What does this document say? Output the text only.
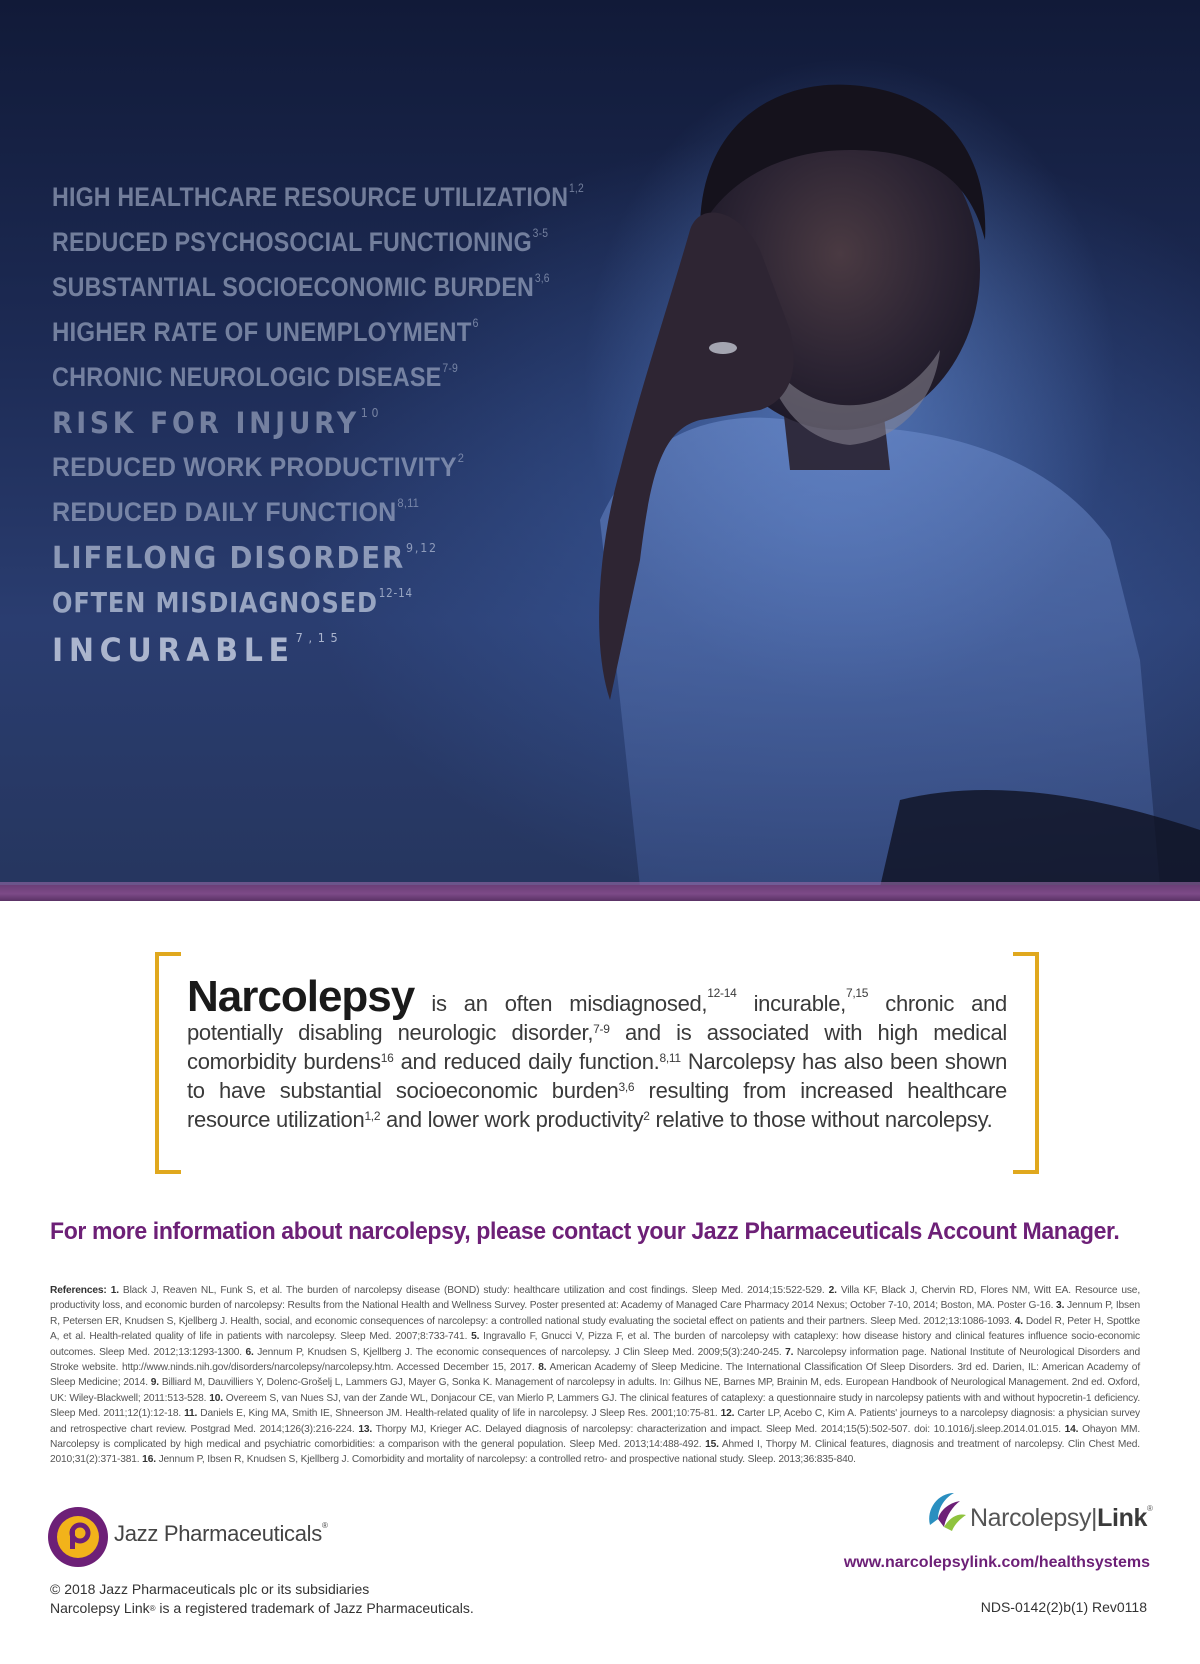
HIGH HEALTHCARE RESOURCE UTILIZATION$^{1,2}$
REDUCED PSYCHOSOCIAL FUNCTIONING$^{3-5}$
SUBSTANTIAL SOCIOECONOMIC BURDEN$^{3,6}$
HIGHER RATE OF UNEMPLOYMENT$^6$
CHRONIC NEUROLOGIC DISEASE$^{7-9}$
RISK FOR INJURY$^{10}$
REDUCED WORK PRODUCTIVITY$^2$
REDUCED DAILY FUNCTION$^{8,11}$
LIFELONG DISORDER$^{9,12}$
OFTEN MISDIAGNOSED$^{12-14}$
INCURABLE$^{7,15}$

Narcolepsy is an often misdiagnosed,$^{12-14}$ incurable,$^{7,15}$ chronic and potentially disabling neurologic disorder,$^{7-9}$ and is associated with high medical comorbidity burdens$^{16}$ and reduced daily function.$^{8,11}$ Narcolepsy has also been shown to have substantial socioeconomic burden$^{3,6}$ resulting from increased healthcare resource utilization$^{1,2}$ and lower work productivity$^2$ relative to those without narcolepsy.

For more information about narcolepsy, please contact your Jazz Pharmaceuticals Account Manager.

References: 1. Black J, Reaven NL, Funk S, et al. The burden of narcolepsy disease (BOND) study: healthcare utilization and cost findings. Sleep Med. 2014;15:522-529. 2. Villa KF, Black J, Chervin RD, Flores NM, Witt EA. Resource use, productivity loss, and economic burden of narcolepsy: Results from the National Health and Wellness Survey. Poster presented at: Academy of Managed Care Pharmacy 2014 Nexus; October 7-10, 2014; Boston, MA. Poster G-16. 3. Jennum P, Ibsen R, Petersen ER, Knudsen S, Kjellberg J. Health, social, and economic consequences of narcolepsy: a controlled national study evaluating the societal effect on patients and their partners. Sleep Med. 2012;13:1086-1093. 4. Dodel R, Peter H, Spottke A, et al. Health-related quality of life in patients with narcolepsy. Sleep Med. 2007;8:733-741. 5. Ingravallo F, Gnucci V, Pizza F, et al. The burden of narcolepsy with cataplexy: how disease history and clinical features influence socio-economic outcomes. Sleep Med. 2012;13:1293-1300. 6. Jennum P, Knudsen S, Kjellberg J. The economic consequences of narcolepsy. J Clin Sleep Med. 2009;5(3):240-245. 7. Narcolepsy information page. National Institute of Neurological Disorders and Stroke website. http://www.ninds.nih.gov/disorders/narcolepsy/narcolepsy.htm. Accessed December 15, 2017. 8. American Academy of Sleep Medicine. The International Classification Of Sleep Disorders. 3rd ed. Darien, IL: American Academy of Sleep Medicine; 2014. 9. Billiard M, Dauvilliers Y, Dolenc-Grošelj L, Lammers GJ, Mayer G, Sonka K. Management of narcolepsy in adults. In: Gilhus NE, Barnes MP, Brainin M, eds. European Handbook of Neurological Management. 2nd ed. Oxford, UK: Wiley-Blackwell; 2011:513-528. 10. Overeem S, van Nues SJ, van der Zande WL, Donjacour CE, van Mierlo P, Lammers GJ. The clinical features of cataplexy: a questionnaire study in narcolepsy patients with and without hypocretin-1 deficiency. Sleep Med. 2011;12(1):12-18. 11. Daniels E, King MA, Smith IE, Shneerson JM. Health-related quality of life in narcolepsy. J Sleep Res. 2001;10:75-81. 12. Carter LP, Acebo C, Kim A. Patients' journeys to a narcolepsy diagnosis: a physician survey and retrospective chart review. Postgrad Med. 2014;126(3):216-224. 13. Thorpy MJ, Krieger AC. Delayed diagnosis of narcolepsy: characterization and impact. Sleep Med. 2014;15(5):502-507. doi: 10.1016/j.sleep.2014.01.015. 14. Ohayon MM. Narcolepsy is complicated by high medical and psychiatric comorbidities: a comparison with the general population. Sleep Med. 2013;14:488-492. 15. Ahmed I, Thorpy M. Clinical features, diagnosis and treatment of narcolepsy. Clin Chest Med. 2010;31(2):371-381. 16. Jennum P, Ibsen R, Knudsen S, Kjellberg J. Comorbidity and mortality of narcolepsy: a controlled retro- and prospective national study. Sleep. 2013;36:835-840.

Jazz Pharmaceuticals®	Narcolepsy|Link®
www.narcolepsylink.com/healthsystems
© 2018 Jazz Pharmaceuticals plc or its subsidiaries
Narcolepsy Link® is a registered trademark of Jazz Pharmaceuticals.	NDS-0142(2)b(1) Rev0118
